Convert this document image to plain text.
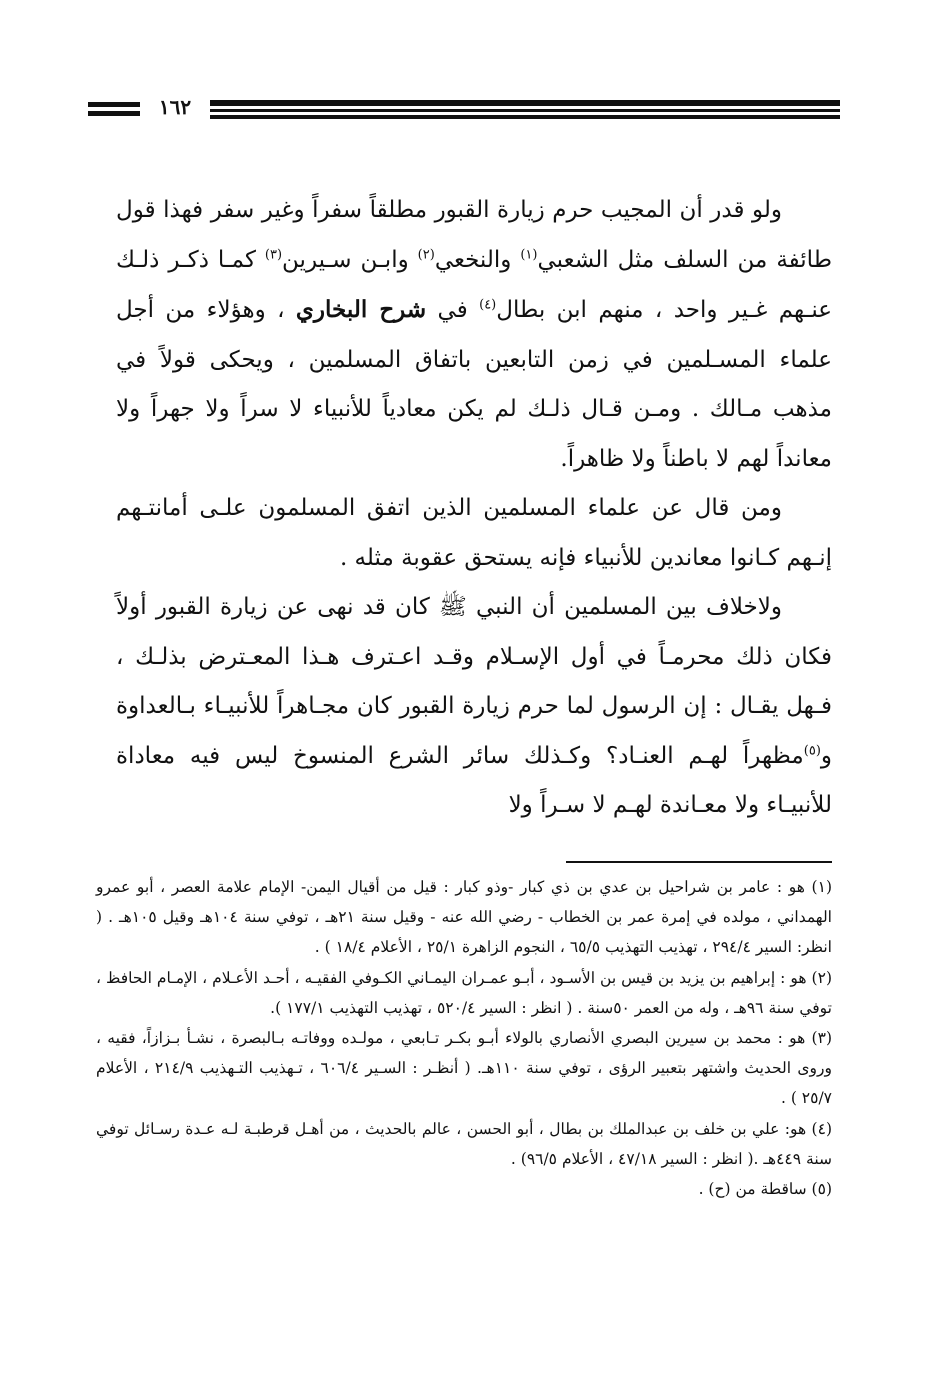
١٦٢

ولو قدر أن المجيب حرم زيارة القبور مطلقاً سفراً وغير سفر فهذا قول طائفة من السلف مثل الشعبي$^{(١)}$ والنخعي$^{(٢)}$ وابـن سـيرين$^{(٣)}$ كمـا ذكـر ذلـك عنـهم غـير واحد ، منهم ابن بطال$^{(٤)}$ في شرح البخاري ، وهؤلاء من أجل علماء المسـلمين في زمن التابعين باتفاق المسلمين ، ويحكى قولاً في مذهب مـالك . ومـن قـال ذلـك لم يكن معادياً للأنبياء لا سراً ولا جهراً ولا معانداً لهم لا باطناً ولا ظاهراً.

ومن قال عن علماء المسلمين الذين اتفق المسلمون علـى أمانتـهم إنـهم كـانوا معاندين للأنبياء فإنه يستحق عقوبة مثله .

ولاخلاف بين المسلمين أن النبي ﷺ كان قد نهى عن زيارة القبور أولاً فكان ذلك محرمـاً في أول الإسـلام وقـد اعـترف هـذا المعـترض بذلـك ، فـهل يقـال : إن الرسول لما حرم زيارة القبور كان مجـاهراً للأنبيـاء بـالعداوة و$^{(٥)}$مظهراً لهـم العنـاد؟ وكـذلك سائر الشرع المنسوخ ليس فيه معاداة للأنبيـاء ولا معـاندة لهـم لا سـراً ولا

(١) هو : عامر بن شراحيل بن عدي بن ذي كبار -وذو كبار : قيل من أقيال اليمن- الإمام علامة العصر ، أبو عمرو الهمداني ، مولده في إمرة عمر بن الخطاب - رضي الله عنه - وقيل سنة ٢١هـ ، توفي سنة ١٠٤هـ وقيل ١٠٥هـ . ( انظر: السير ٢٩٤/٤ ، تهذيب التهذيب ٦٥/٥ ، النجوم الزاهرة ٢٥/١ ، الأعلام ١٨/٤ ) .

(٢) هو : إبراهيم بن يزيد بن قيس بن الأسـود ، أبـو عمـران اليمـاني الكـوفي الفقيـه ، أحـد الأعـلام ، الإمـام الحافظ ، توفي سنة ٩٦هـ ، وله من العمر ٥٠سنة . ( انظر : السير ٥٢٠/٤ ، تهذيب التهذيب ١٧٧/١ ).

(٣) هو : محمد بن سيرين البصري الأنصاري بالولاء أبـو بكـر تـابعي ، مولـده ووفاتـه بـالبصرة ، نشـأ بـزازاً، فقيه ، وروى الحديث واشتهر بتعبير الرؤى ، توفي سنة ١١٠هـ. ( أنظـر : السـير ٦٠٦/٤ ، تـهذيب التـهذيب ٢١٤/٩ ، الأعلام ٢٥/٧ ) .

(٤) هو: علي بن خلف بن عبدالملك بن بطال ، أبو الحسن ، عالم بالحديث ، من أهـل قرطبـة لـه عـدة رسـائل توفي سنة ٤٤٩هـ .( انظر : السير ٤٧/١٨ ، الأعلام ٩٦/٥) .

(٥) ساقطة من (ح) .
